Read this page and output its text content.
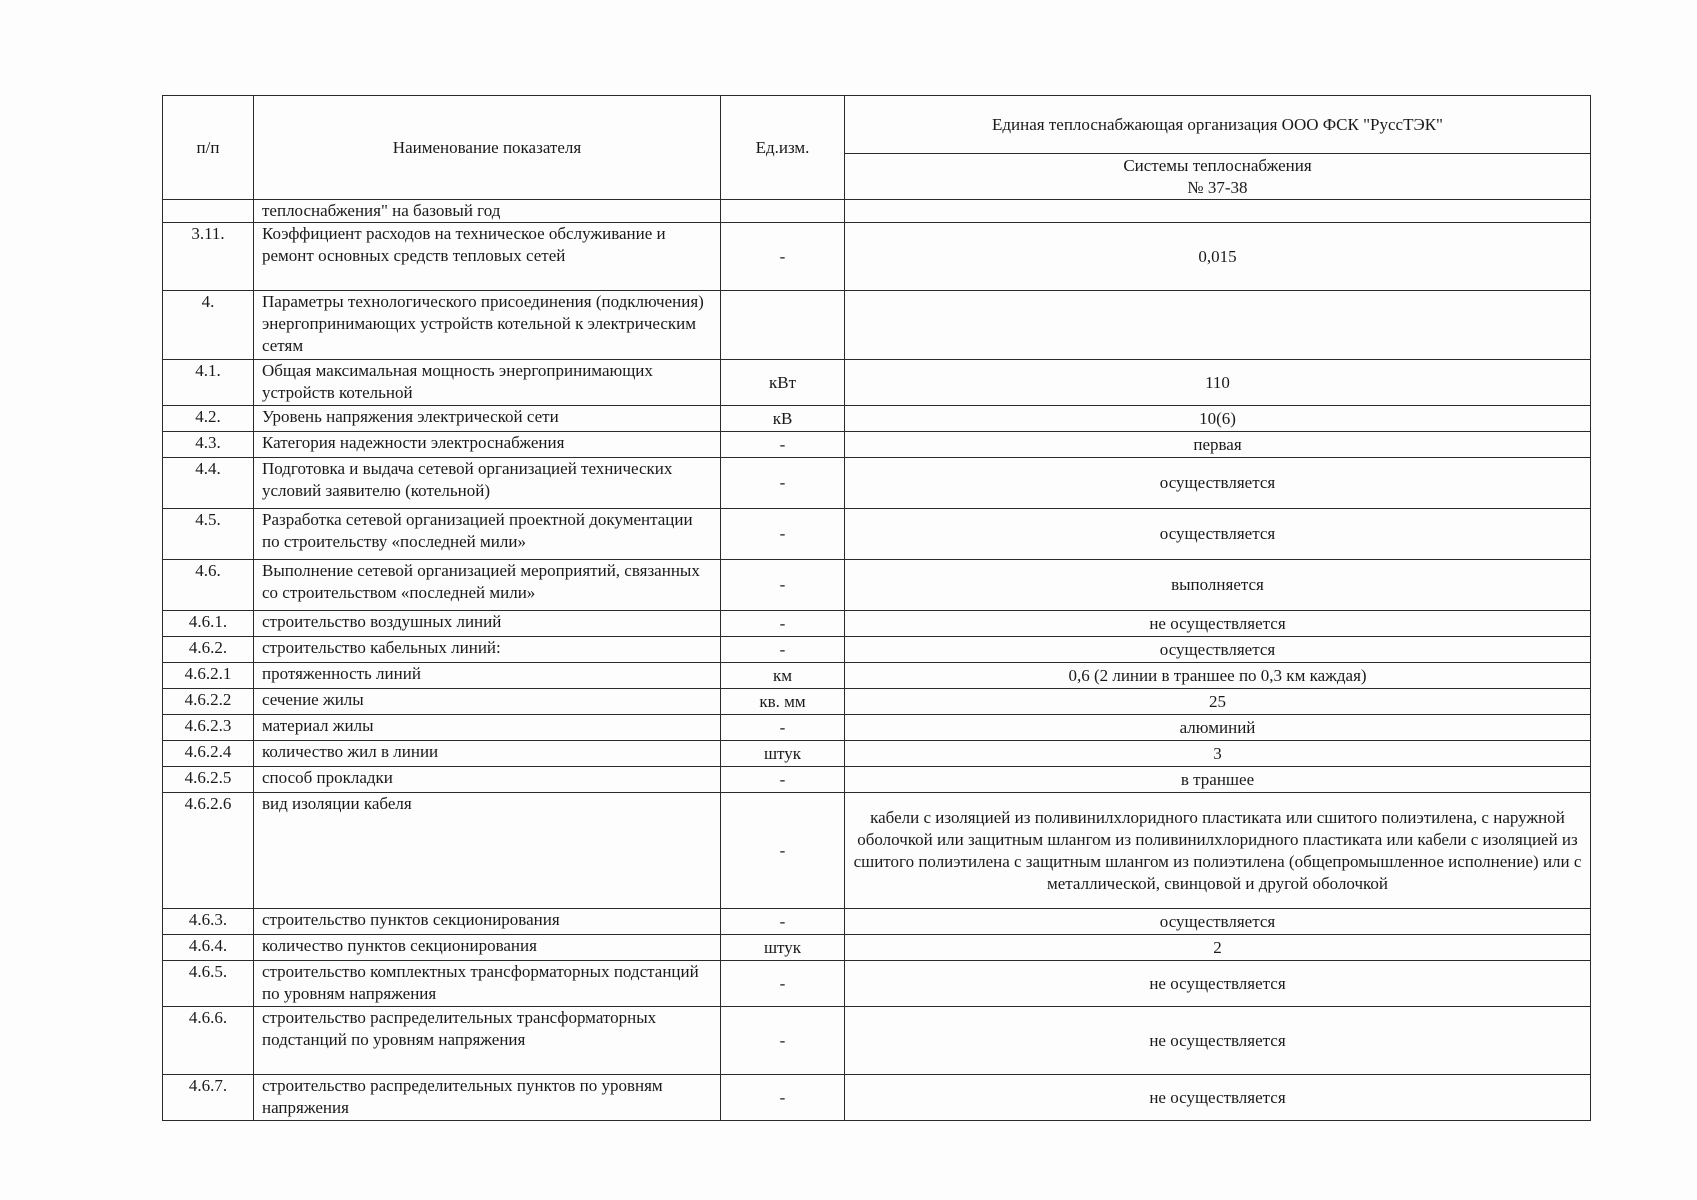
п/п	Наименование показателя	Ед.изм.	Единая теплоснабжающая организация ООО ФСК "РуссТЭК"

			Системы теплоснабжения
№ 37-38

	теплоснабжения" на базовый год		
3.11.	Коэффициент расходов на техническое обслуживание и ремонт основных средств тепловых сетей	-	0,015
4.	Параметры технологического присоединения (подключения) энергопринимающих устройств котельной к электрическим сетям		
4.1.	Общая максимальная мощность энергопринимающих устройств котельной	кВт	110
4.2.	Уровень напряжения электрической сети	кВ	10(6)
4.3.	Категория надежности электроснабжения	-	первая
4.4.	Подготовка и выдача сетевой организацией технических условий заявителю (котельной)	-	осуществляется
4.5.	Разработка сетевой организацией проектной документации по строительству «последней мили»	-	осуществляется
4.6.	Выполнение сетевой организацией мероприятий, связанных со строительством «последней мили»	-	выполняется
4.6.1.	строительство воздушных линий	-	не осуществляется
4.6.2.	строительство кабельных линий:	-	осуществляется
4.6.2.1	протяженность линий	км	0,6 (2 линии в траншее по 0,3 км каждая)
4.6.2.2	сечение жилы	кв. мм	25
4.6.2.3	материал жилы	-	алюминий
4.6.2.4	количество жил в линии	штук	3
4.6.2.5	способ прокладки	-	в траншее
4.6.2.6	вид изоляции кабеля	-	кабели с изоляцией из поливинилхлоридного пластиката или сшитого полиэтилена, с наружной оболочкой или защитным шлангом из поливинилхлоридного пластиката или кабели с изоляцией из сшитого полиэтилена с защитным шлангом из полиэтилена (общепромышленное исполнение) или с металлической, свинцовой и другой оболочкой
4.6.3.	строительство пунктов секционирования	-	осуществляется
4.6.4.	количество пунктов секционирования	штук	2
4.6.5.	строительство комплектных трансформаторных подстанций по уровням напряжения	-	не осуществляется
4.6.6.	строительство распределительных трансформаторных подстанций по уровням напряжения	-	не осуществляется
4.6.7.	строительство распределительных пунктов по уровням напряжения	-	не осуществляется
